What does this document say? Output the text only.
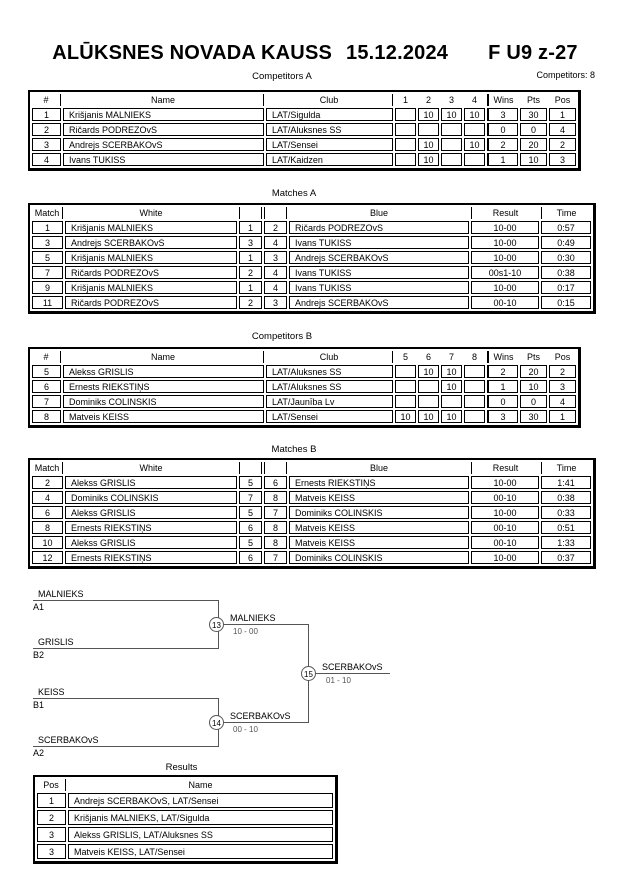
ALŪKSNES NOVADA KAUSS 15.12.2024 F U9 z-27
Competitors: 8
Competitors A
#	Name	Club	1	2	3	4	Wins	Pts	Pos
1	Krišjanis MALNIEKS	LAT/Sigulda		10	10	10	3	30	1
2	Ričards PODREZOvS	LAT/Aluksnes SS					0	0	4
3	Andrejs SCERBAKOvS	LAT/Sensei		10		10	2	20	2
4	Ivans TUKISS	LAT/Kaidzen		10			1	10	3
Matches A
Match	White			Blue	Result	Time
1	Krišjanis MALNIEKS	1	2	Ričards PODREZOvS	10-00	0:57
3	Andrejs SCERBAKOvS	3	4	Ivans TUKISS	10-00	0:49
5	Krišjanis MALNIEKS	1	3	Andrejs SCERBAKOvS	10-00	0:30
7	Ričards PODREZOvS	2	4	Ivans TUKISS	00s1-10	0:38
9	Krišjanis MALNIEKS	1	4	Ivans TUKISS	10-00	0:17
11	Ričards PODREZOvS	2	3	Andrejs SCERBAKOvS	00-10	0:15
Competitors B
#	Name	Club	5	6	7	8	Wins	Pts	Pos
5	Alekss GRISLIS	LAT/Aluksnes SS		10	10		2	20	2
6	Ernests RIEKSTIŅS	LAT/Aluksnes SS			10		1	10	3
7	Dominiks COLINSKIS	LAT/Jaunība Lv					0	0	4
8	Matveis KEISS	LAT/Sensei	10	10	10		3	30	1
Matches B
Match	White			Blue	Result	Time
2	Alekss GRISLIS	5	6	Ernests RIEKSTIŅS	10-00	1:41
4	Dominiks COLINSKIS	7	8	Matveis KEISS	00-10	0:38
6	Alekss GRISLIS	5	7	Dominiks COLINSKIS	10-00	0:33
8	Ernests RIEKSTIŅS	6	8	Matveis KEISS	00-10	0:51
10	Alekss GRISLIS	5	8	Matveis KEISS	00-10	1:33
12	Ernests RIEKSTIŅS	6	7	Dominiks COLINSKIS	10-00	0:37
MALNIEKS
A1
GRISLIS
B2
13
MALNIEKS
10 - 00
KEISS
B1
SCERBAKOvS
A2
14
SCERBAKOvS
00 - 10
15
SCERBAKOvS
01 - 10
Results
Pos	Name
1	Andrejs SCERBAKOvS, LAT/Sensei
2	Krišjanis MALNIEKS, LAT/Sigulda
3	Alekss GRISLIS, LAT/Aluksnes SS
3	Matveis KEISS, LAT/Sensei
